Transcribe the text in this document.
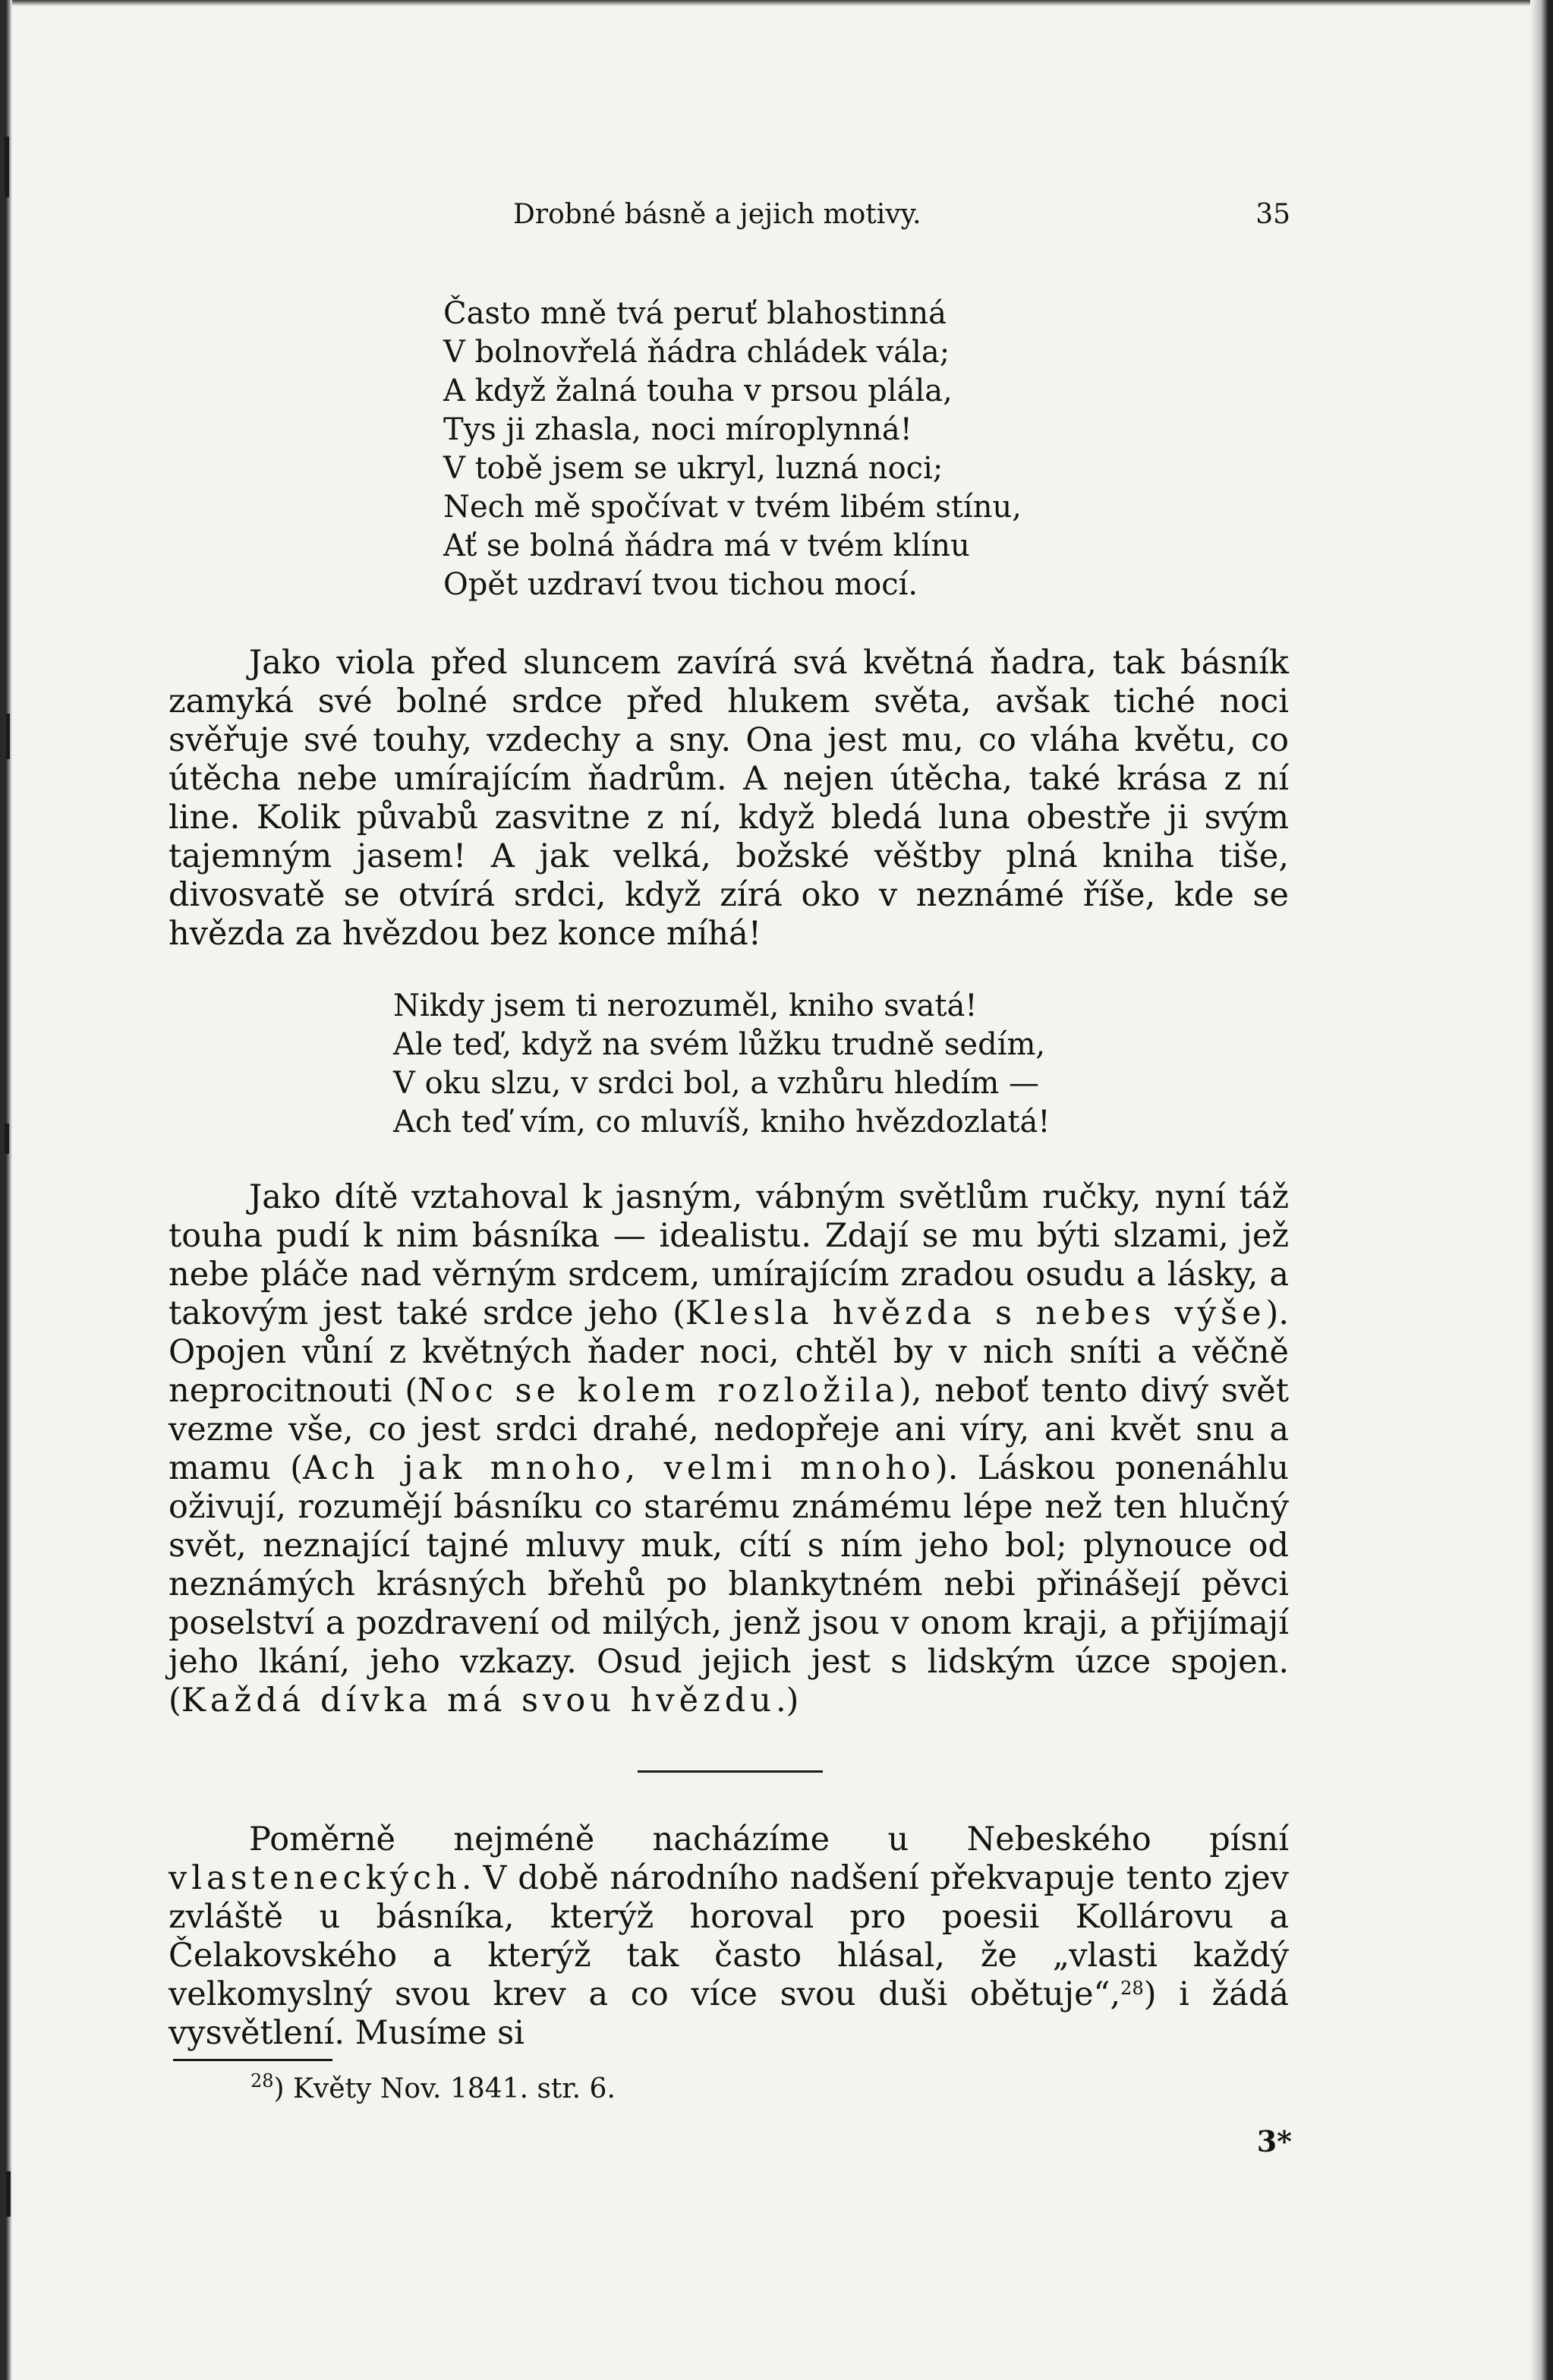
Drobné básně a jejich motivy.	35
Často mně tvá peruť blahostinná
V bolnovřelá ňádra chládek vála;
A když žalná touha v prsou plála,
Tys ji zhasla, noci míroplynná!
V tobě jsem se ukryl, luzná noci;
Nech mě spočívat v tvém libém stínu,
Ať se bolná ňádra má v tvém klínu
Opět uzdraví tvou tichou mocí.

Jako viola před sluncem zavírá svá květná ňadra, tak básník zamyká své bolné srdce před hlukem světa, avšak tiché noci svěřuje své touhy, vzdechy a sny. Ona jest mu, co vláha květu, co útěcha nebe umírajícím ňadrům. A nejen útěcha, také krása z ní line. Kolik půvabů zasvitne z ní, když bledá luna obestře ji svým tajemným jasem! A jak velká, božské věštby plná kniha tiše, divosvatě se otvírá srdci, když zírá oko v neznámé říše, kde se hvězda za hvězdou bez konce míhá!

Nikdy jsem ti nerozuměl, kniho svatá!
Ale teď, když na svém lůžku trudně sedím,
V oku slzu, v srdci bol, a vzhůru hledím —
Ach teď vím, co mluvíš, kniho hvězdozlatá!

Jako dítě vztahoval k jasným, vábným světlům ručky, nyní táž touha pudí k nim básníka — idealistu. Zdají se mu býti slzami, jež nebe pláče nad věrným srdcem, umírajícím zradou osudu a lásky, a takovým jest také srdce jeho (Klesla hvězda s nebes výše). Opojen vůní z květných ňader noci, chtěl by v nich sníti a věčně neprocitnouti (Noc se kolem rozložila), neboť tento divý svět vezme vše, co jest srdci drahé, nedopřeje ani víry, ani květ snu a mamu (Ach jak mnoho, velmi mnoho). Láskou ponenáhlu oživují, rozumějí básníku co starému známému lépe než ten hlučný svět, neznající tajné mluvy muk, cítí s ním jeho bol; plynouce od neznámých krásných břehů po blankytném nebi přinášejí pěvci poselství a pozdravení od milých, jenž jsou v onom kraji, a přijímají jeho lkání, jeho vzkazy. Osud jejich jest s lidským úzce spojen. (Každá dívka má svou hvězdu.)

Poměrně nejméně nacházíme u Nebeského písní vlasteneckých. V době národního nadšení překvapuje tento zjev zvláště u básníka, kterýž horoval pro poesii Kollárovu a Čelakovského a kterýž tak často hlásal, že „vlasti každý velkomyslný svou krev a co více svou duši obětuje“,$^{28}$) i žádá vysvětlení. Musíme si

$^{28}$) Květy Nov. 1841. str. 6.
3*
